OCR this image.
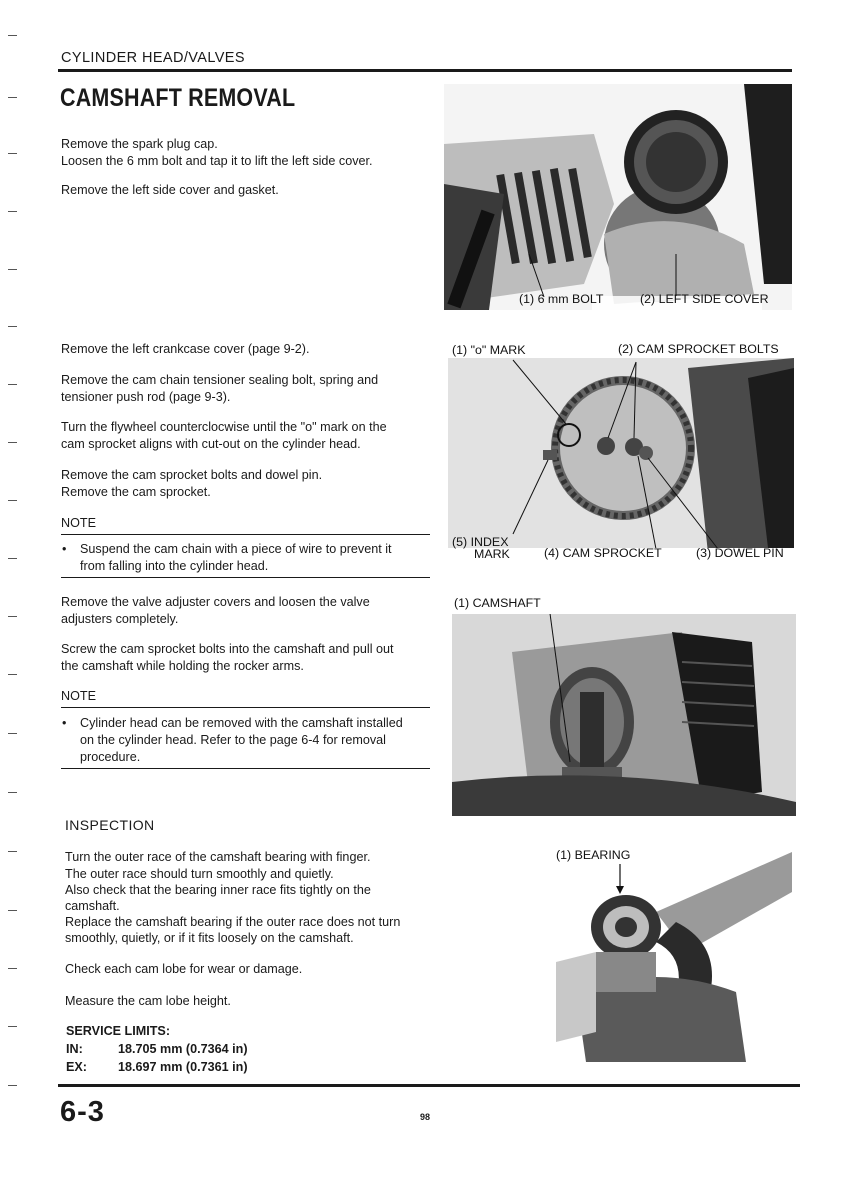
CYLINDER HEAD/VALVES
CAMSHAFT REMOVAL
Remove the spark plug cap.
Loosen the 6 mm bolt and tap it to lift the left side cover.
Remove the left side cover and gasket.
Remove the left crankcase cover (page 9-2).
Remove the cam chain tensioner sealing bolt, spring and
tensioner push rod (page 9-3).
Turn the flywheel counterclocwise until the "o" mark on the
cam sprocket aligns with cut-out on the cylinder head.
Remove the cam sprocket bolts and dowel pin.
Remove the cam sprocket.
NOTE
• Suspend the cam chain with a piece of wire to prevent it
from falling into the cylinder head.
Remove the valve adjuster covers and loosen the valve
adjusters completely.
Screw the cam sprocket bolts into the camshaft and pull out
the camshaft while holding the rocker arms.
NOTE
• Cylinder head can be removed with the camshaft installed
on the cylinder head. Refer to the page 6-4 for removal
procedure.
INSPECTION
Turn the outer race of the camshaft bearing with finger.
The outer race should turn smoothly and quietly.
Also check that the bearing inner race fits tightly on the
camshaft.
Replace the camshaft bearing if the outer race does not turn
smoothly, quietly, or if it fits loosely on the camshaft.
Check each cam lobe for wear or damage.
Measure the cam lobe height.
SERVICE LIMITS:
IN:	18.705 mm (0.7364 in)
EX: 18.697 mm (0.7361 in)
(1) 6 mm BOLT	(2) LEFT SIDE COVER
(1) "o" MARK	(2) CAM SPROCKET BOLTS
(5) INDEX
MARK	(4) CAM SPROCKET	(3) DOWEL PIN
(1) CAMSHAFT
(1) BEARING
6-3	98
